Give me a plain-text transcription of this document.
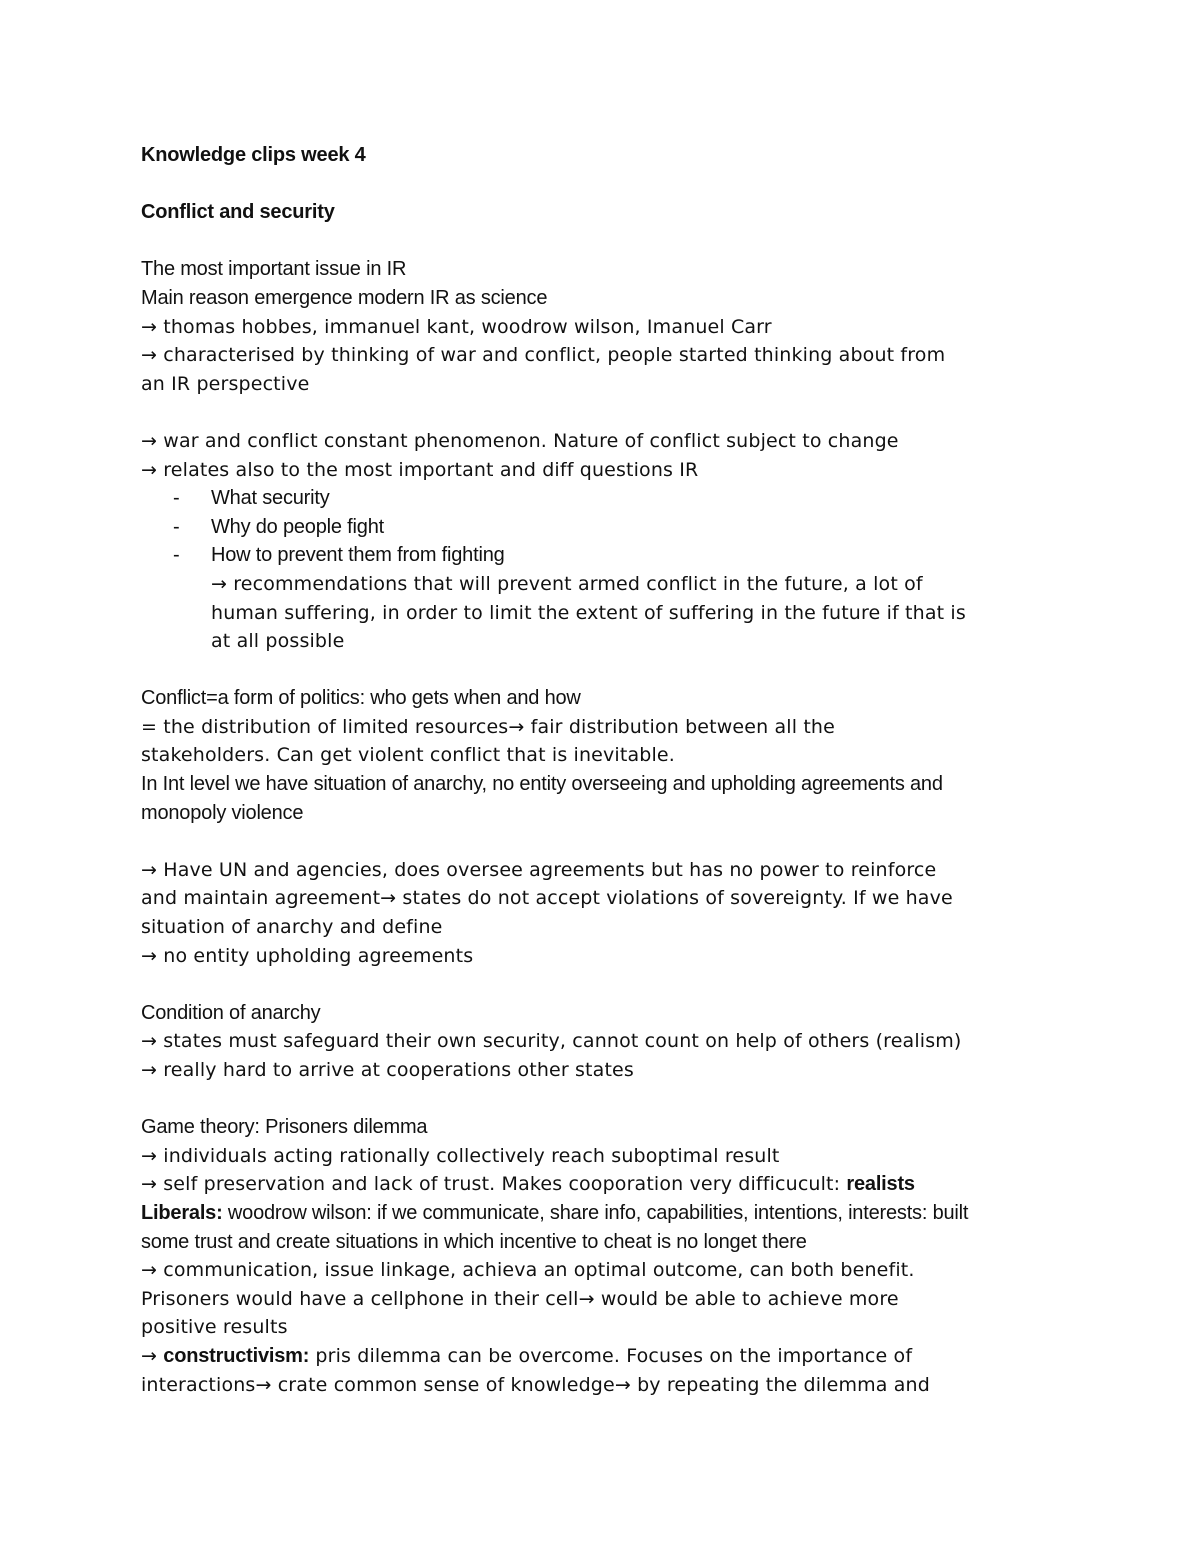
Knowledge clips week 4
Conflict and security
The most important issue in IR
Main reason emergence modern IR as science
→ thomas hobbes, immanuel kant, woodrow wilson, Imanuel Carr
→ characterised by thinking of war and conflict, people started thinking about from
an IR perspective
→ war and conflict constant phenomenon. Nature of conflict subject to change
→ relates also to the most important and diff questions IR
- What security
- Why do people fight
- How to prevent them from fighting
→ recommendations that will prevent armed conflict in the future, a lot of
human suffering, in order to limit the extent of suffering in the future if that is
at all possible
Conflict=a form of politics: who gets when and how
= the distribution of limited resources→ fair distribution between all the
stakeholders. Can get violent conflict that is inevitable.
In Int level we have situation of anarchy, no entity overseeing and upholding agreements and
monopoly violence
→ Have UN and agencies, does oversee agreements but has no power to reinforce
and maintain agreement→ states do not accept violations of sovereignty. If we have
situation of anarchy and define
→ no entity upholding agreements
Condition of anarchy
→ states must safeguard their own security, cannot count on help of others (realism)
→ really hard to arrive at cooperations other states
Game theory: Prisoners dilemma
→ individuals acting rationally collectively reach suboptimal result
→ self preservation and lack of trust. Makes cooporation very difficucult: realists
Liberals: woodrow wilson: if we communicate, share info, capabilities, intentions, interests: built
some trust and create situations in which incentive to cheat is no longet there
→ communication, issue linkage, achieva an optimal outcome, can both benefit.
Prisoners would have a cellphone in their cell→ would be able to achieve more
positive results
→ constructivism: pris dilemma can be overcome. Focuses on the importance of
interactions→ crate common sense of knowledge→ by repeating the dilemma and
